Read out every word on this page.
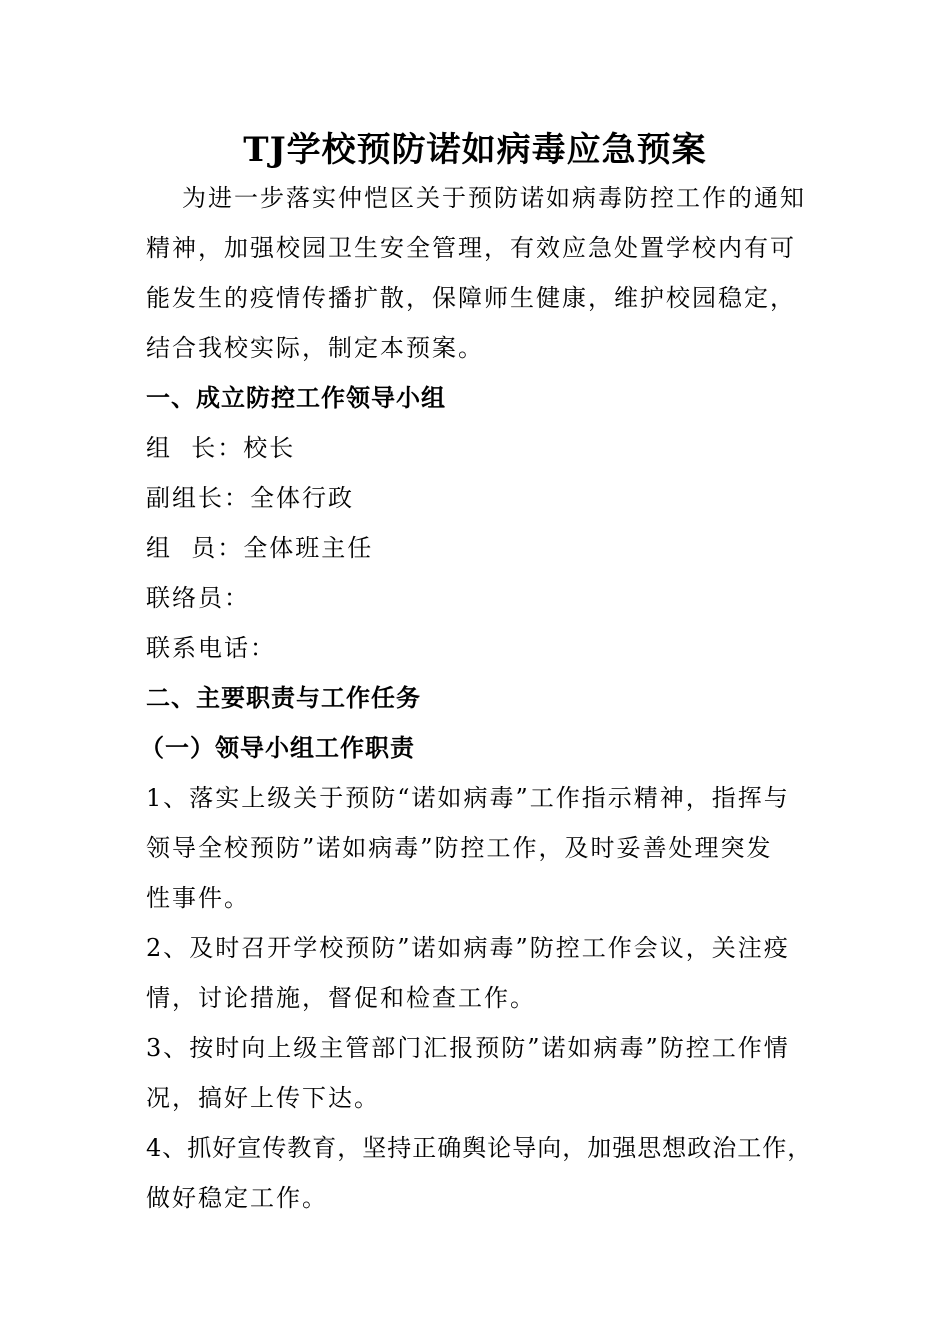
TJ学校预防诺如病毒应急预案
为进一步落实仲恺区关于预防诺如病毒防控工作的通知
精神，加强校园卫生安全管理，有效应急处置学校内有可
能发生的疫情传播扩散，保障师生健康，维护校园稳定，
结合我校实际，制定本预案。
一、成立防控工作领导小组
组  长：校长
副组长：全体行政
组  员：全体班主任
联络员：
联系电话：
二、主要职责与工作任务
（一）领导小组工作职责
1、落实上级关于预防“诺如病毒”工作指示精神，指挥与
领导全校预防”诺如病毒”防控工作，及时妥善处理突发
性事件。
2、及时召开学校预防”诺如病毒”防控工作会议，关注疫
情，讨论措施，督促和检查工作。
3、按时向上级主管部门汇报预防”诺如病毒”防控工作情
况，搞好上传下达。
4、抓好宣传教育，坚持正确舆论导向，加强思想政治工作，
做好稳定工作。
